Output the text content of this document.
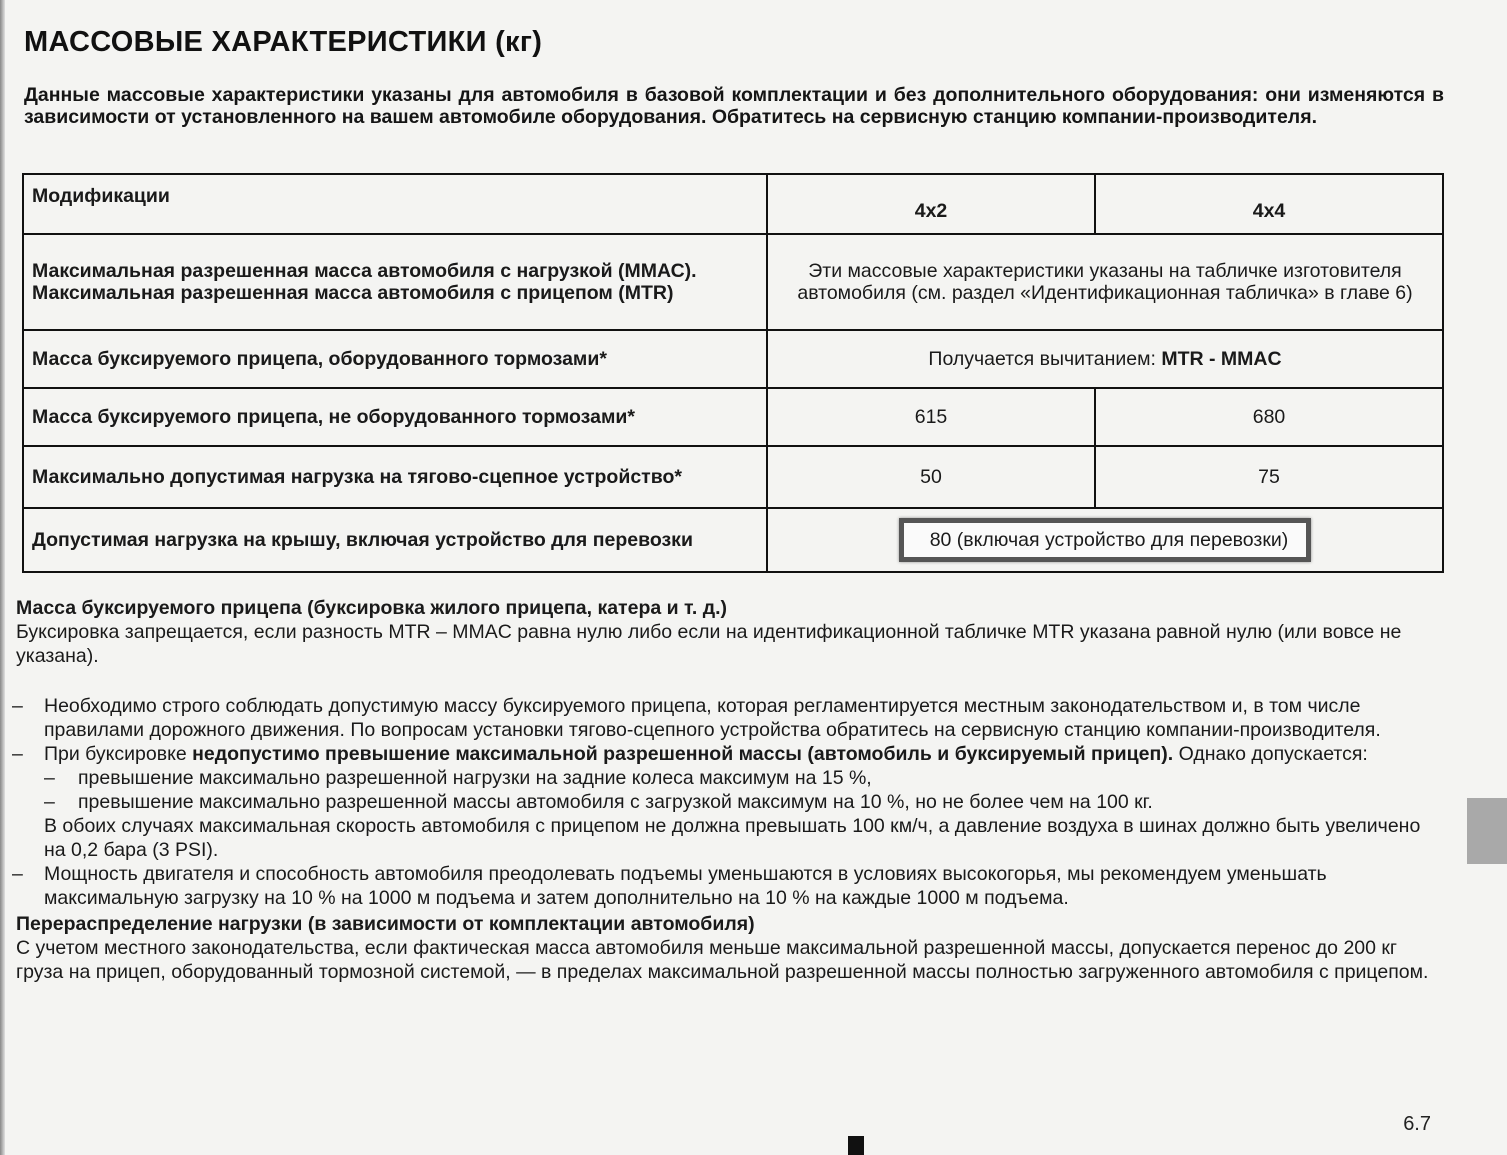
МАССОВЫЕ ХАРАКТЕРИСТИКИ (кг)
Данные массовые характеристики указаны для автомобиля в базовой комплектации и без дополнительного оборудования: они изменяются в зависимости от установленного на вашем автомобиле оборудования. Обратитесь на сервисную станцию компании-производителя.
Модификации	4x2	4x4

Максимальная разрешенная масса автомобиля с нагрузкой (ММАС).
Максимальная разрешенная масса автомобиля с прицепом (MTR)	Эти массовые характеристики указаны на табличке изготовителя автомобиля (см. раздел «Идентификационная табличка» в главе 6)	
Масса буксируемого прицепа, оборудованного тормозами*	Получается вычитанием: MTR - MMAC	
Масса буксируемого прицепа, не оборудованного тормозами*	615	680
Максимально допустимая нагрузка на тягово-сцепное устройство*	50	75
Допустимая нагрузка на крышу, включая устройство для перевозки	80 (включая устройство для перевозки)	
Масса буксируемого прицепа (буксировка жилого прицепа, катера и т. д.)

Буксировка запрещается, если разность MTR – MMAC равна нулю либо если на идентификационной табличке MTR указана равной нулю (или вовсе не указана).

– Необходимо строго соблюдать допустимую массу буксируемого прицепа, которая регламентируется местным законодательством и, в том числе правилами дорожного движения. По вопросам установки тягово-сцепного устройства обратитесь на сервисную станцию компании-производителя.
– При буксировке недопустимо превышение максимальной разрешенной массы (автомобиль и буксируемый прицеп). Однако допускается:
– превышение максимально разрешенной нагрузки на задние колеса максимум на 15 %,
– превышение максимально разрешенной массы автомобиля с загрузкой максимум на 10 %, но не более чем на 100 кг.
В обоих случаях максимальная скорость автомобиля с прицепом не должна превышать 100 км/ч, а давление воздуха в шинах должно быть увеличено на 0,2 бара (3 PSI).
– Мощность двигателя и способность автомобиля преодолевать подъемы уменьшаются в условиях высокогорья, мы рекомендуем уменьшать максимальную загрузку на 10 % на 1000 м подъема и затем дополнительно на 10 % на каждые 1000 м подъема.
Перераспределение нагрузки (в зависимости от комплектации автомобиля)

С учетом местного законодательства, если фактическая масса автомобиля меньше максимальной разрешенной массы, допускается перенос до 200 кг груза на прицеп, оборудованный тормозной системой, — в пределах максимальной разрешенной массы полностью загруженного автомобиля с прицепом.

6.7
